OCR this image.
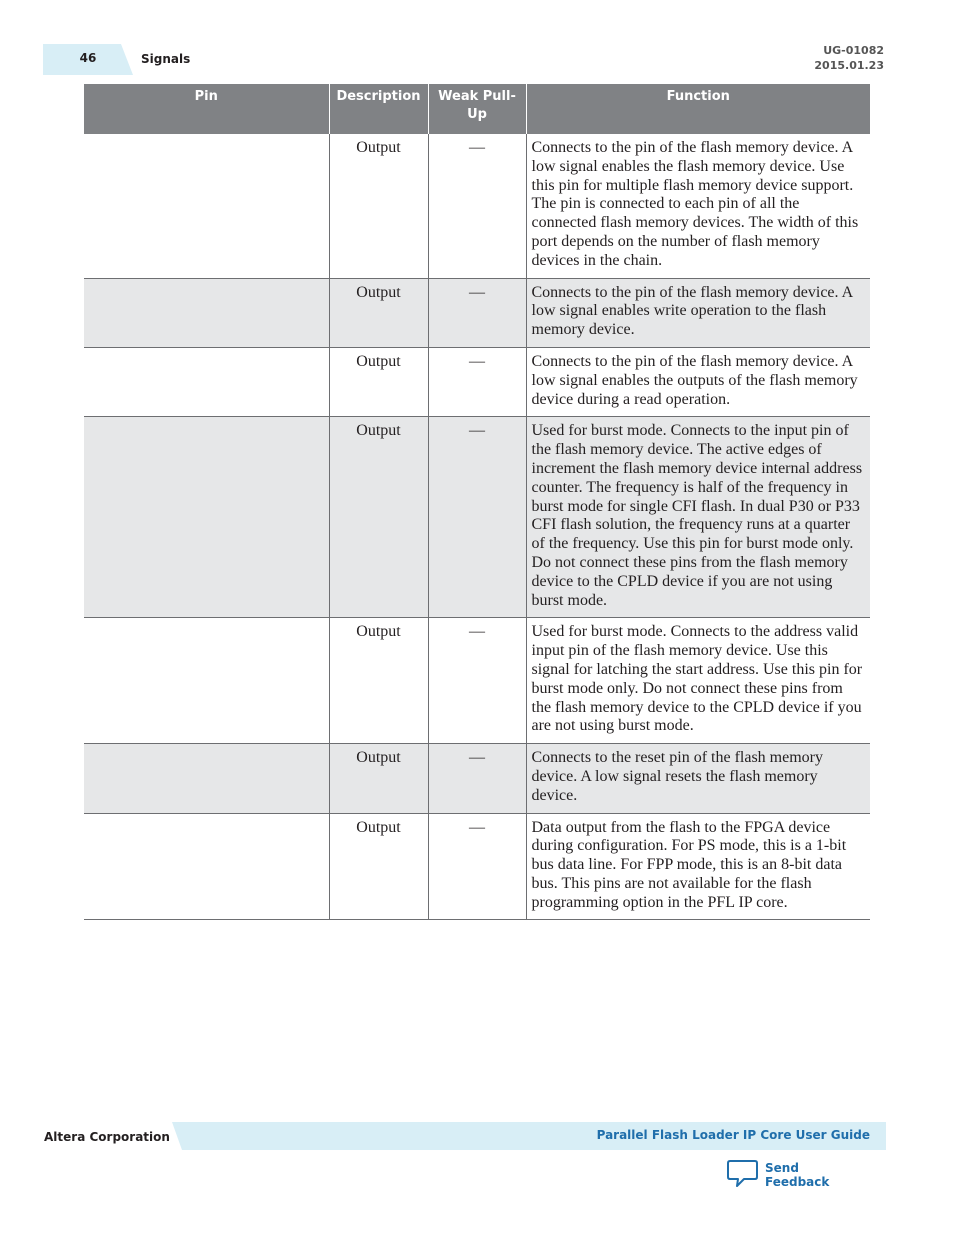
46	Signals
UG-01082
2015.01.23
Pin	Description	Weak Pull-Up	Function
	Output	—	Connects to the pin of the flash memory device. A low signal enables the flash memory device. Use this pin for multiple flash memory device support. The pin is connected to each pin of all the connected flash memory devices. The width of this port depends on the number of flash memory devices in the chain.
	Output	—	Connects to the pin of the flash memory device. A low signal enables write operation to the flash memory device.
	Output	—	Connects to the pin of the flash memory device. A low signal enables the outputs of the flash memory device during a read operation.
	Output	—	Used for burst mode. Connects to the input pin of the flash memory device. The active edges of increment the flash memory device internal address counter. The frequency is half of the frequency in burst mode for single CFI flash. In dual P30 or P33 CFI flash solution, the frequency runs at a quarter of the frequency. Use this pin for burst mode only. Do not connect these pins from the flash memory device to the CPLD device if you are not using burst mode.
	Output	—	Used for burst mode. Connects to the address valid input pin of the flash memory device. Use this signal for latching the start address. Use this pin for burst mode only. Do not connect these pins from the flash memory device to the CPLD device if you are not using burst mode.
	Output	—	Connects to the reset pin of the flash memory device. A low signal resets the flash memory device.
	Output	—	Data output from the flash to the FPGA device during configuration. For PS mode, this is a 1-bit bus data line. For FPP mode, this is an 8-bit data bus. This pins are not available for the flash programming option in the PFL IP core.
Altera Corporation	Parallel Flash Loader IP Core User Guide
Send Feedback
